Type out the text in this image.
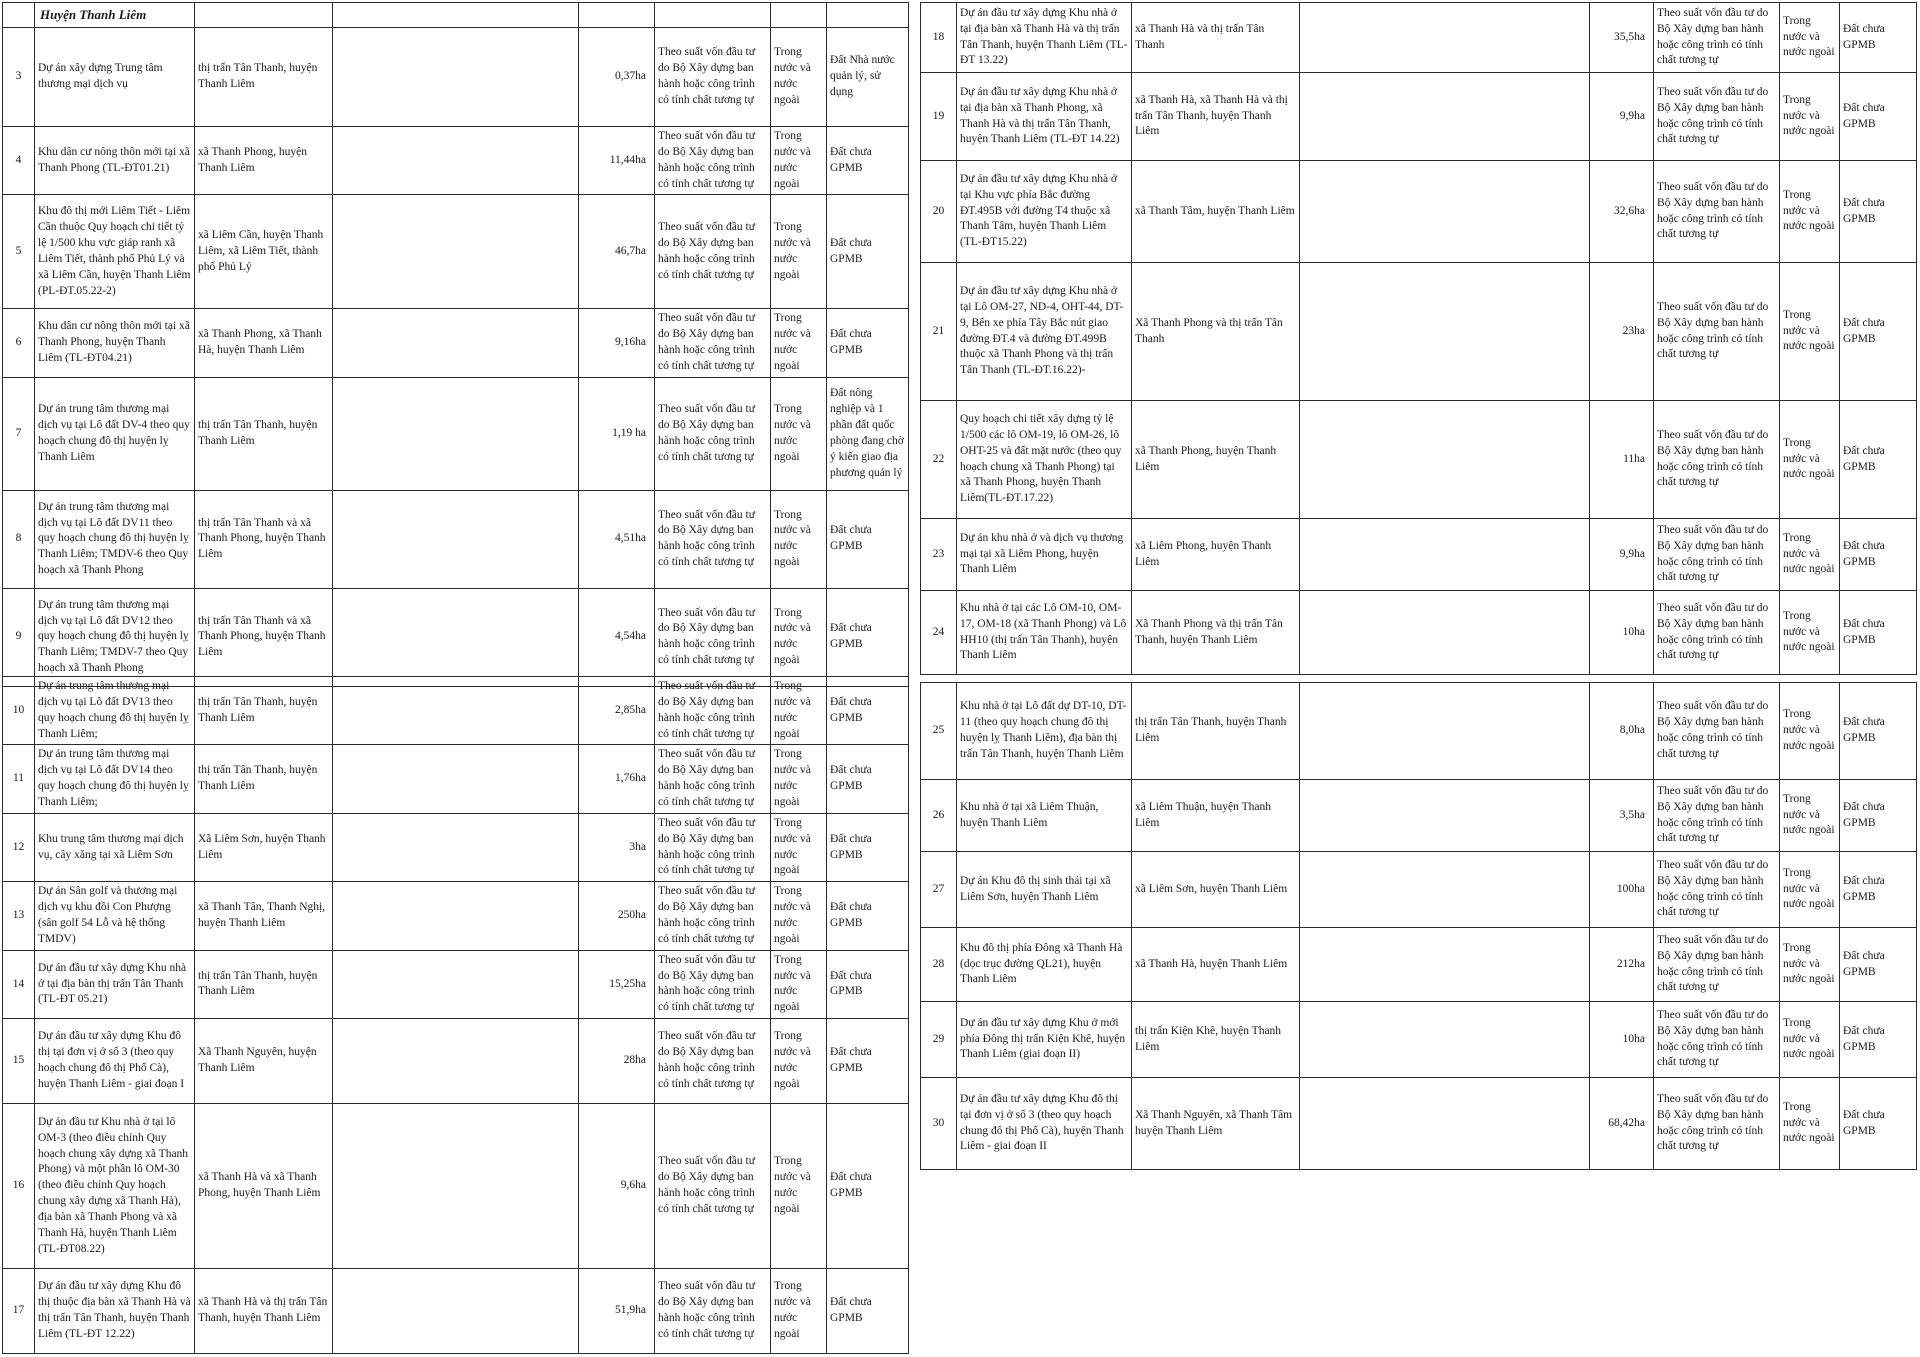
	Huyện Thanh Liêm						
3	Dự án xây dựng Trung tâm thương mại dịch vụ	thị trấn Tân Thanh, huyện Thanh Liêm		0,37ha	Theo suất vốn đầu tư do Bộ Xây dựng ban hành hoặc công trình có tính chất tương tự	Trong nước và nước ngoài	Đất Nhà nước quản lý, sử dụng
4	Khu dân cư nông thôn mới tại xã Thanh Phong (TL-ĐT01.21)	xã Thanh Phong, huyện Thanh Liêm		11,44ha	Theo suất vốn đầu tư do Bộ Xây dựng ban hành hoặc công trình có tính chất tương tự	Trong nước và nước ngoài	Đất chưa GPMB
5	Khu đô thị mới Liêm Tiết - Liêm Cần thuộc Quy hoạch chi tiết tỷ lệ 1/500 khu vực giáp ranh xã Liêm Tiết, thành phố Phủ Lý và xã Liêm Cần, huyện Thanh Liêm (PL-ĐT.05.22-2)	xã Liêm Cần, huyện Thanh Liêm, xã Liêm Tiết, thành phố Phủ Lý		46,7ha	Theo suất vốn đầu tư do Bộ Xây dựng ban hành hoặc công trình có tính chất tương tự	Trong nước và nước ngoài	Đất chưa GPMB
6	Khu dân cư nông thôn mới tại xã Thanh Phong, huyện Thanh Liêm (TL-ĐT04.21)	xã Thanh Phong, xã Thanh Hà, huyện Thanh Liêm		9,16ha	Theo suất vốn đầu tư do Bộ Xây dựng ban hành hoặc công trình có tính chất tương tự	Trong nước và nước ngoài	Đất chưa GPMB
7	Dự án trung tâm thương mại dịch vụ tại Lô đất DV-4 theo quy hoạch chung đô thị huyện lỵ Thanh Liêm	thị trấn Tân Thanh, huyện Thanh Liêm		1,19 ha	Theo suất vốn đầu tư do Bộ Xây dựng ban hành hoặc công trình có tính chất tương tự	Trong nước và nước ngoài	Đất nông nghiệp và 1 phần đất quốc phòng đang chờ ý kiến giao địa phương quản lý
8	Dự án trung tâm thương mại dịch vụ tại Lô đất DV11 theo quy hoạch chung đô thị huyện lỵ Thanh Liêm; TMDV-6 theo Quy hoạch xã Thanh Phong	thị trấn Tân Thanh và xã Thanh Phong, huyện Thanh Liêm		4,51ha	Theo suất vốn đầu tư do Bộ Xây dựng ban hành hoặc công trình có tính chất tương tự	Trong nước và nước ngoài	Đất chưa GPMB
9	Dự án trung tâm thương mại dịch vụ tại Lô đất DV12 theo quy hoạch chung đô thị huyện lỵ Thanh Liêm; TMDV-7 theo Quy hoạch xã Thanh Phong	thị trấn Tân Thanh và xã Thanh Phong, huyện Thanh Liêm		4,54ha	Theo suất vốn đầu tư do Bộ Xây dựng ban hành hoặc công trình có tính chất tương tự	Trong nước và nước ngoài	Đất chưa GPMB
10	Dự án trung tâm thương mại dịch vụ tại Lô đất DV13 theo quy hoạch chung đô thị huyện lỵ Thanh Liêm;	thị trấn Tân Thanh, huyện Thanh Liêm		2,85ha	Theo suất vốn đầu tư do Bộ Xây dựng ban hành hoặc công trình có tính chất tương tự	Trong nước và nước ngoài	Đất chưa GPMB
11	Dự án trung tâm thương mại dịch vụ tại Lô đất DV14 theo quy hoạch chung đô thị huyện lỵ Thanh Liêm;	thị trấn Tân Thanh, huyện Thanh Liêm		1,76ha	Theo suất vốn đầu tư do Bộ Xây dựng ban hành hoặc công trình có tính chất tương tự	Trong nước và nước ngoài	Đất chưa GPMB
12	Khu trung tâm thương mại dịch vụ, cây xăng tại xã Liêm Sơn	Xã Liêm Sơn, huyện Thanh Liêm		3ha	Theo suất vốn đầu tư do Bộ Xây dựng ban hành hoặc công trình có tính chất tương tự	Trong nước và nước ngoài	Đất chưa GPMB
13	Dự án Sân golf và thương mại dịch vụ khu đồi Con Phượng (sân golf 54 Lỗ và hệ thống TMDV)	xã Thanh Tân, Thanh Nghị, huyện Thanh Liêm		250ha	Theo suất vốn đầu tư do Bộ Xây dựng ban hành hoặc công trình có tính chất tương tự	Trong nước và nước ngoài	Đất chưa GPMB
14	Dự án đầu tư xây dựng Khu nhà ở tại địa bàn thị trấn Tân Thanh (TL-ĐT 05.21)	thị trấn Tân Thanh, huyện Thanh Liêm		15,25ha	Theo suất vốn đầu tư do Bộ Xây dựng ban hành hoặc công trình có tính chất tương tự	Trong nước và nước ngoài	Đất chưa GPMB
15	Dự án đầu tư xây dựng Khu đô thị tại đơn vị ở số 3 (theo quy hoạch chung đô thị Phố Cà), huyện Thanh Liêm - giai đoạn I	Xã Thanh Nguyên, huyện Thanh Liêm		28ha	Theo suất vốn đầu tư do Bộ Xây dựng ban hành hoặc công trình có tính chất tương tự	Trong nước và nước ngoài	Đất chưa GPMB
16	Dự án đầu tư Khu nhà ở tại lô OM-3 (theo điều chỉnh Quy hoạch chung xây dựng xã Thanh Phong) và một phần lô OM-30 (theo điều chỉnh Quy hoạch chung xây dựng xã Thanh Hà), địa bàn xã Thanh Phong và xã Thanh Hà, huyện Thanh Liêm (TL-ĐT08.22)	xã Thanh Hà và xã Thanh Phong, huyện Thanh Liêm		9,6ha	Theo suất vốn đầu tư do Bộ Xây dựng ban hành hoặc công trình có tính chất tương tự	Trong nước và nước ngoài	Đất chưa GPMB
17	Dự án đầu tư xây dựng Khu đô thị thuộc địa bàn xã Thanh Hà và thị trấn Tân Thanh, huyện Thanh Liêm (TL-ĐT 12.22)	xã Thanh Hà và thị trấn Tân Thanh, huyện Thanh Liêm		51,9ha	Theo suất vốn đầu tư do Bộ Xây dựng ban hành hoặc công trình có tính chất tương tự	Trong nước và nước ngoài	Đất chưa GPMB
18	Dự án đầu tư xây dựng Khu nhà ở tại địa bàn xã Thanh Hà và thị trấn Tân Thanh, huyện Thanh Liêm (TL-ĐT 13.22)	xã Thanh Hà và thị trấn Tân Thanh		35,5ha	Theo suất vốn đầu tư do Bộ Xây dựng ban hành hoặc công trình có tính chất tương tự	Trong nước và nước ngoài	Đất chưa GPMB
19	Dự án đầu tư xây dựng Khu nhà ở tại địa bàn xã Thanh Phong, xã Thanh Hà và thị trấn Tân Thanh, huyện Thanh Liêm (TL-ĐT 14.22)	xã Thanh Hà, xã Thanh Hà và thị trấn Tân Thanh, huyện Thanh Liêm		9,9ha	Theo suất vốn đầu tư do Bộ Xây dựng ban hành hoặc công trình có tính chất tương tự	Trong nước và nước ngoài	Đất chưa GPMB
20	Dự án đầu tư xây dựng Khu nhà ở tại Khu vực phía Bắc đường ĐT.495B với đường T4 thuộc xã Thanh Tâm, huyện Thanh Liêm (TL-ĐT15.22)	xã Thanh Tâm, huyện Thanh Liêm		32,6ha	Theo suất vốn đầu tư do Bộ Xây dựng ban hành hoặc công trình có tính chất tương tự	Trong nước và nước ngoài	Đất chưa GPMB
21	Dự án đầu tư xây dựng Khu nhà ở tại Lô OM-27, ND-4, OHT-44, DT-9, Bến xe phía Tây Bắc nút giao đường ĐT.4 và đường ĐT.499B thuộc xã Thanh Phong và thị trấn Tân Thanh (TL-ĐT.16.22)-	Xã Thanh Phong và thị trấn Tân Thanh		23ha	Theo suất vốn đầu tư do Bộ Xây dựng ban hành hoặc công trình có tính chất tương tự	Trong nước và nước ngoài	Đất chưa GPMB
22	Quy hoạch chi tiết xây dựng tỷ lệ 1/500 các lô OM-19, lô OM-26, lô OHT-25 và đất mặt nước (theo quy hoạch chung xã Thanh Phong) tại xã Thanh Phong, huyện Thanh Liêm(TL-ĐT.17.22)	xã Thanh Phong, huyện Thanh Liêm		11ha	Theo suất vốn đầu tư do Bộ Xây dựng ban hành hoặc công trình có tính chất tương tự	Trong nước và nước ngoài	Đất chưa GPMB
23	Dự án khu nhà ở và dịch vụ thương mại tại xã Liêm Phong, huyện Thanh Liêm	xã Liêm Phong, huyện Thanh Liêm		9,9ha	Theo suất vốn đầu tư do Bộ Xây dựng ban hành hoặc công trình có tính chất tương tự	Trong nước và nước ngoài	Đất chưa GPMB
24	Khu nhà ở tại các Lô OM-10, OM-17, OM-18 (xã Thanh Phong) và Lô HH10 (thị trấn Tân Thanh), huyện Thanh Liêm	Xã Thanh Phong và thị trấn Tân Thanh, huyện Thanh Liêm		10ha	Theo suất vốn đầu tư do Bộ Xây dựng ban hành hoặc công trình có tính chất tương tự	Trong nước và nước ngoài	Đất chưa GPMB
25	Khu nhà ở tại Lô đất dự DT-10, DT-11 (theo quy hoạch chung đô thị huyện lỵ Thanh Liêm), địa bàn thị trấn Tân Thanh, huyện Thanh Liêm	thị trấn Tân Thanh, huyện Thanh Liêm		8,0ha	Theo suất vốn đầu tư do Bộ Xây dựng ban hành hoặc công trình có tính chất tương tự	Trong nước và nước ngoài	Đất chưa GPMB
26	Khu nhà ở tại xã Liêm Thuận, huyện Thanh Liêm	xã Liêm Thuận, huyện Thanh Liêm		3,5ha	Theo suất vốn đầu tư do Bộ Xây dựng ban hành hoặc công trình có tính chất tương tự	Trong nước và nước ngoài	Đất chưa GPMB
27	Dự án Khu đô thị sinh thái tại xã Liêm Sơn, huyện Thanh Liêm	xã Liêm Sơn, huyện Thanh Liêm		100ha	Theo suất vốn đầu tư do Bộ Xây dựng ban hành hoặc công trình có tính chất tương tự	Trong nước và nước ngoài	Đất chưa GPMB
28	Khu đô thị phía Đông xã Thanh Hà (dọc trục đường QL21), huyện Thanh Liêm	xã Thanh Hà, huyện Thanh Liêm		212ha	Theo suất vốn đầu tư do Bộ Xây dựng ban hành hoặc công trình có tính chất tương tự	Trong nước và nước ngoài	Đất chưa GPMB
29	Dự án đầu tư xây dựng Khu ở mới phía Đông thị trấn Kiện Khê, huyện Thanh Liêm (giai đoạn II)	thị trấn Kiện Khê, huyện Thanh Liêm		10ha	Theo suất vốn đầu tư do Bộ Xây dựng ban hành hoặc công trình có tính chất tương tự	Trong nước và nước ngoài	Đất chưa GPMB
30	Dự án đầu tư xây dựng Khu đô thị tại đơn vị ở số 3 (theo quy hoạch chung đô thị Phố Cà), huyện Thanh Liêm - giai đoạn II	Xã Thanh Nguyên, xã Thanh Tâm huyện Thanh Liêm		68,42ha	Theo suất vốn đầu tư do Bộ Xây dựng ban hành hoặc công trình có tính chất tương tự	Trong nước và nước ngoài	Đất chưa GPMB
